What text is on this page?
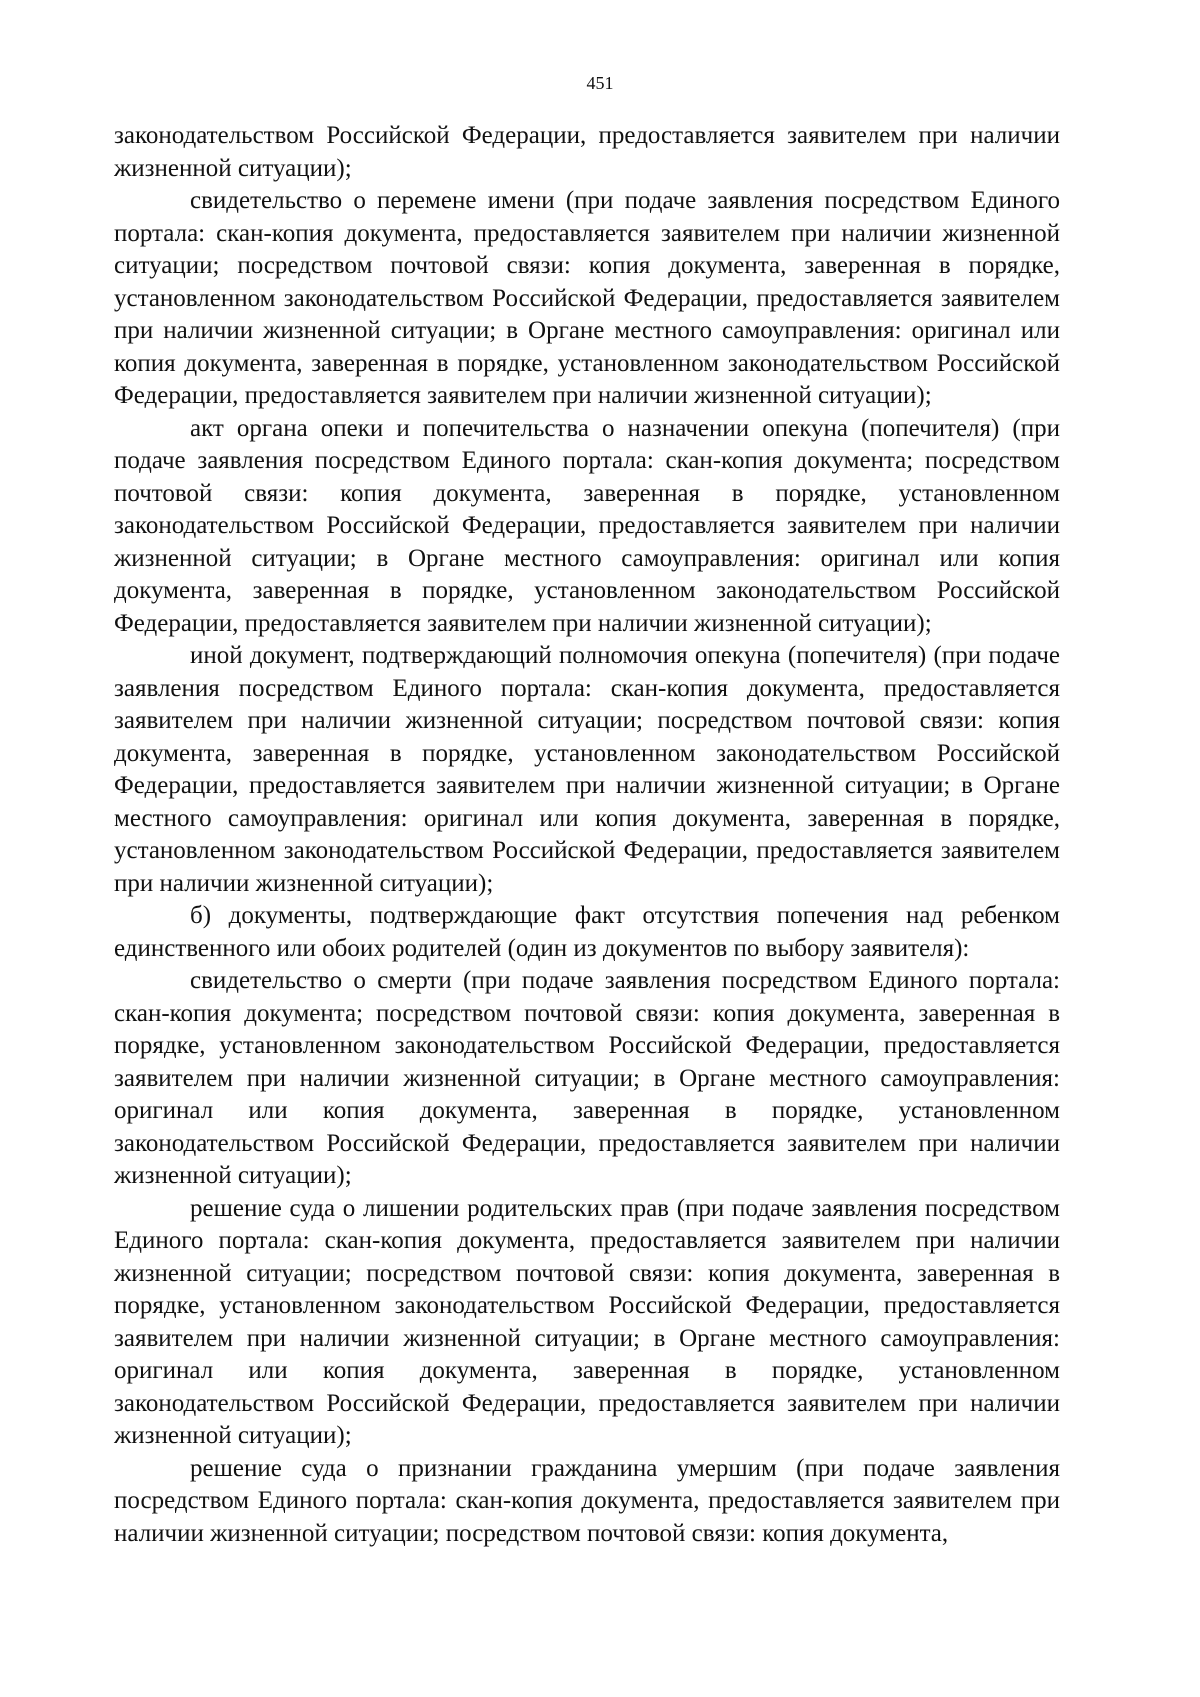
451

законодательством Российской Федерации, предоставляется заявителем при наличии жизненной ситуации);

свидетельство о перемене имени (при подаче заявления посредством Единого портала: скан-копия документа, предоставляется заявителем при наличии жизненной ситуации; посредством почтовой связи: копия документа, заверенная в порядке, установленном законодательством Российской Федерации, предоставляется заявителем при наличии жизненной ситуации; в Органе местного самоуправления: оригинал или копия документа, заверенная в порядке, установленном законодательством Российской Федерации, предоставляется заявителем при наличии жизненной ситуации);

акт органа опеки и попечительства о назначении опекуна (попечителя) (при подаче заявления посредством Единого портала: скан-копия документа; посредством почтовой связи: копия документа, заверенная в порядке, установленном законодательством Российской Федерации, предоставляется заявителем при наличии жизненной ситуации; в Органе местного самоуправления: оригинал или копия документа, заверенная в порядке, установленном законодательством Российской Федерации, предоставляется заявителем при наличии жизненной ситуации);

иной документ, подтверждающий полномочия опекуна (попечителя) (при подаче заявления посредством Единого портала: скан-копия документа, предоставляется заявителем при наличии жизненной ситуации; посредством почтовой связи: копия документа, заверенная в порядке, установленном законодательством Российской Федерации, предоставляется заявителем при наличии жизненной ситуации; в Органе местного самоуправления: оригинал или копия документа, заверенная в порядке, установленном законодательством Российской Федерации, предоставляется заявителем при наличии жизненной ситуации);

б) документы, подтверждающие факт отсутствия попечения над ребенком единственного или обоих родителей (один из документов по выбору заявителя):

свидетельство о смерти (при подаче заявления посредством Единого портала: скан-копия документа; посредством почтовой связи: копия документа, заверенная в порядке, установленном законодательством Российской Федерации, предоставляется заявителем при наличии жизненной ситуации; в Органе местного самоуправления: оригинал или копия документа, заверенная в порядке, установленном законодательством Российской Федерации, предоставляется заявителем при наличии жизненной ситуации);

решение суда о лишении родительских прав (при подаче заявления посредством Единого портала: скан-копия документа, предоставляется заявителем при наличии жизненной ситуации; посредством почтовой связи: копия документа, заверенная в порядке, установленном законодательством Российской Федерации, предоставляется заявителем при наличии жизненной ситуации; в Органе местного самоуправления: оригинал или копия документа, заверенная в порядке, установленном законодательством Российской Федерации, предоставляется заявителем при наличии жизненной ситуации);

решение суда о признании гражданина умершим (при подаче заявления посредством Единого портала: скан-копия документа, предоставляется заявителем при наличии жизненной ситуации; посредством почтовой связи: копия документа,
